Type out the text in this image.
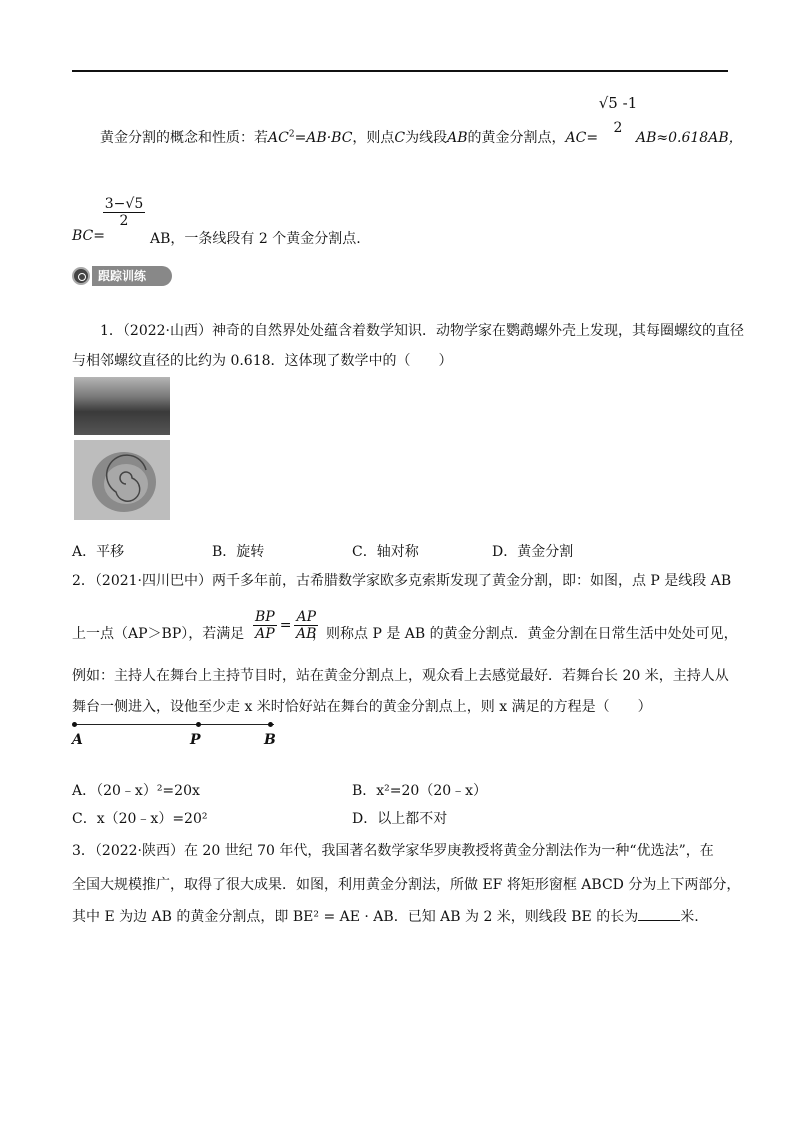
黄金分割的概念和性质：若$AC^2=AB\cdot BC$，则点C为线段AB的黄金分割点，AC=
√5 -1
2
AB≈0.618AB，
$\frac{3-√5}{2}$
BC=	AB，一条线段有 2 个黄金分割点.
跟踪训练
1．（2022·山西）神奇的自然界处处蕴含着数学知识．动物学家在鹦鹉螺外壳上发现，其每圈螺纹的直径
与相邻螺纹直径的比约为 0.618．这体现了数学中的（　　）
A．平移	B．旋转	C．轴对称	D．黄金分割
2．（2021·四川巴中）两千多年前，古希腊数学家欧多克索斯发现了黄金分割，即：如图，点 P 是线段 AB
上一点（AP＞BP），若满足 $\frac{BP}{AP} = \frac{AP}{AB}$
，则称点 P 是 AB 的黄金分割点．黄金分割在日常生活中处处可见，
例如：主持人在舞台上主持节目时，站在黄金分割点上，观众看上去感觉最好．若舞台长 20 米，主持人从
舞台一侧进入，设他至少走 x 米时恰好站在舞台的黄金分割点上，则 x 满足的方程是（　　）
A	P	B
A．（20﹣x）²=20x	B．x²=20（20﹣x）
C．x（20﹣x）=20²	D．以上都不对
3．（2022·陕西）在 20 世纪 70 年代，我国著名数学家华罗庚教授将黄金分割法作为一种“优选法”，在
全国大规模推广，取得了很大成果．如图，利用黄金分割法，所做 EF 将矩形窗框 ABCD 分为上下两部分，
其中 E 为边 AB 的黄金分割点，即 BE² = AE · AB．已知 AB 为 2 米，则线段 BE 的长为	米.
